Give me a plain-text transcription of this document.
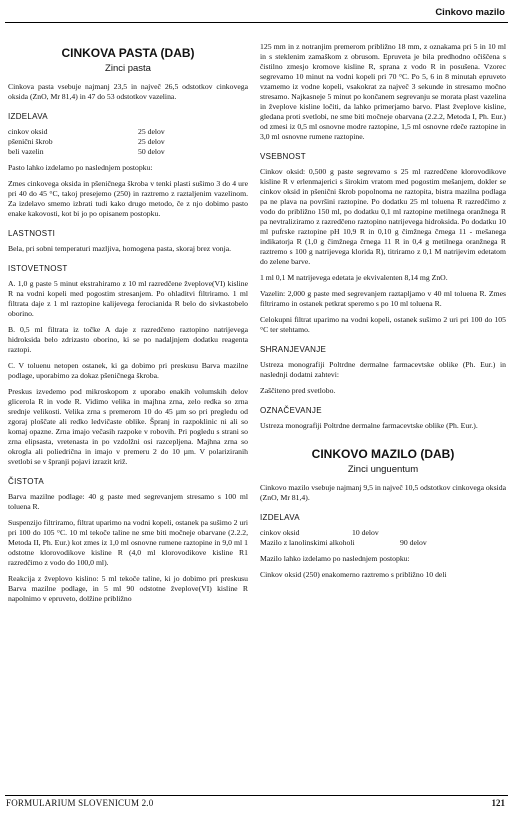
Cinkovo mazilo
CINKOVA PASTA (DAB)
Zinci pasta

Cinkova pasta vsebuje najmanj 23,5 in največ 26,5 odstotkov cinkovega oksida (ZnO, Mr 81,4) in 47 do 53 odstotkov vazelina.

IZDELAVA
cinkov oksid	25 delov
pšenični škrob	25 delov
beli vazelin	50 delov

Pasto lahko izdelamo po naslednjem postopku:

Zmes cinkovega oksida in pšeničnega škroba v tenki plasti sušimo 3 do 4 ure pri 40 do 45 °C, takoj presejemo (250) in raztremo z raztaljenim vazelinom. Za izdelavo smemo izbrati tudi kako drugo metodo, če z njo dobimo pasto enake kakovosti, kot bi jo po opisanem postopku.

LASTNOSTI

Bela, pri sobni temperaturi mazljiva, homogena pasta, skoraj brez vonja.

ISTOVETNOST

A. 1,0 g paste 5 minut ekstrahiramo z 10 ml razredčene žveplove(VI) kisline R na vodni kopeli med pogostim stresanjem. Po ohladitvi filtriramo. 1 ml filtrata daje z 1 ml raztopine kalijevega ferocianida R belo do sivkastobelo oborino.

B. 0,5 ml filtrata iz točke A daje z razredčeno raztopino natrijevega hidroksida belo zdrizasto oborino, ki se po nadaljnjem dodatku reagenta raztopi.

C. V toluenu netopen ostanek, ki ga dobimo pri preskusu Barva mazilne podlage, uporabimo za dokaz pšeničnega škroba.

Preskus izvedemo pod mikroskopom z uporabo enakih volumskih delov glicerola R in vode R. Vidimo velika in majhna zrna, zelo redka so zrna srednje velikosti. Velika zrna s premerom 10 do 45 µm so pri pregledu od zgoraj ploščate ali redko ledvičaste oblike. Špranj in razpoklinic ni ali so komaj opazne. Zrna imajo večasih razpoke v robovih. Pri pogledu s strani so zrna elipsasta, vretenasta in po vzdolžni osi razcepljena. Majhna zrna so okrogla ali poliedrična in imajo v premeru 2 do 10 µm. V polariziranih svetlobi se v špranji pojavi izrazit križ.

ČISTOTA

Barva mazilne podlage: 40 g paste med segrevanjem stresamo s 100 ml toluena R.

Suspenzijo filtriramo, filtrat uparimo na vodni kopeli, ostanek pa sušimo 2 uri pri 100 do 105 °C. 10 ml tekoče taline ne sme biti močneje obarvane (2.2.2, Metoda II, Ph. Eur.) kot zmes iz 1,0 ml osnovne rumene raztopine in 9,0 ml 1 odstotne klorovodikove kisline R (4,0 ml klorovodikove kisline R1 razredčimo z vodo do 100,0 ml).

Reakcija z žveplovo kislino: 5 ml tekoče taline, ki jo dobimo pri preskusu Barva mazilne podlage, in 5 ml 90 odstotne žveplove(VI) kisline R napolnimo v epruveto, dolžine približno

125 mm in z notranjim premerom približno 18 mm, z oznakama pri 5 in 10 ml in s steklenim zamaškom z obrusom. Epruveta je bila predhodno očiščena s čistilno zmesjo kromove kisline R, sprana z vodo R in posušena. Vzorec segrevamo 10 minut na vodni kopeli pri 70 °C. Po 5, 6 in 8 minutah epruveto vzamemo iz vodne kopeli, vsakokrat za največ 3 sekunde in stresamo močno stresamo. Najkasneje 5 minut po končanem segrevanju se morata plast vazelina in žveplove kisline ločiti, da lahko primerjamo barvo. Plast žveplove kisline, gledana proti svetlobi, ne sme biti močneje obarvana (2.2.2, Metoda I, Ph. Eur.) od zmesi iz 0,5 ml osnovne modre raztopine, 1,5 ml osnovne rdeče raztopine in 3,0 ml osnovne rumene raztopine.

VSEBNOST

Cinkov oksid: 0,500 g paste segrevamo s 25 ml razredčene klorovodikove kisline R v erlenmajerici s širokim vratom med pogostim mešanjem, dokler se cinkov oksid in pšenični škrob popolnoma ne raztopita, bistra mazilna podlaga pa ne plava na površini raztopine. Po dodatku 25 ml toluena R razredčimo z vodo do približno 150 ml, po dodatku 0,1 ml raztopine metilnega oranžnega R pa nevtraliziramo z razredčeno raztopino natrijevega hidroksida. Po dodatku 10 ml pufrske raztopine pH 10,9 R in 0,10 g čimžnega črnega 11 - mešanega indikatorja R (1,0 g čimžnega črnega 11 R in 0,4 g metilnega oranžnega R raztremo s 100 g natrijevega klorida R), titriramo z 0,1 M natrijevim edetatom do zelene barve.

1 ml 0,1 M natrijevega edetata je ekvivalenten 8,14 mg ZnO.

Vazelin: 2,000 g paste med segrevanjem raztapljamo v 40 ml toluena R. Zmes filtriramo in ostanek petkrat speremo s po 10 ml toluena R.

Celokupni filtrat uparimo na vodni kopeli, ostanek sušimo 2 uri pri 100 do 105 °C ter stehtamo.

SHRANJEVANJE

Ustreza monografiji Poltrdne dermalne farmacevtske oblike (Ph. Eur.) in naslednji dodatni zahtevi:

Zaščiteno pred svetlobo.

OZNAČEVANJE

Ustreza monografiji Poltrdne dermalne farmacevtske oblike (Ph. Eur.).

CINKOVO MAZILO (DAB)
Zinci unguentum

Cinkovo mazilo vsebuje najmanj 9,5 in največ 10,5 odstotkov cinkovega oksida (ZnO, Mr 81,4).

IZDELAVA
cinkov oksid	10 delov
Mazilo z lanolinskimi alkoholi	90 delov

Mazilo lahko izdelamo po naslednjem postopku:

Cinkov oksid (250) enakomerno raztremo s približno 10 deli

FORMULARIUM SLOVENICUM 2.0	121
